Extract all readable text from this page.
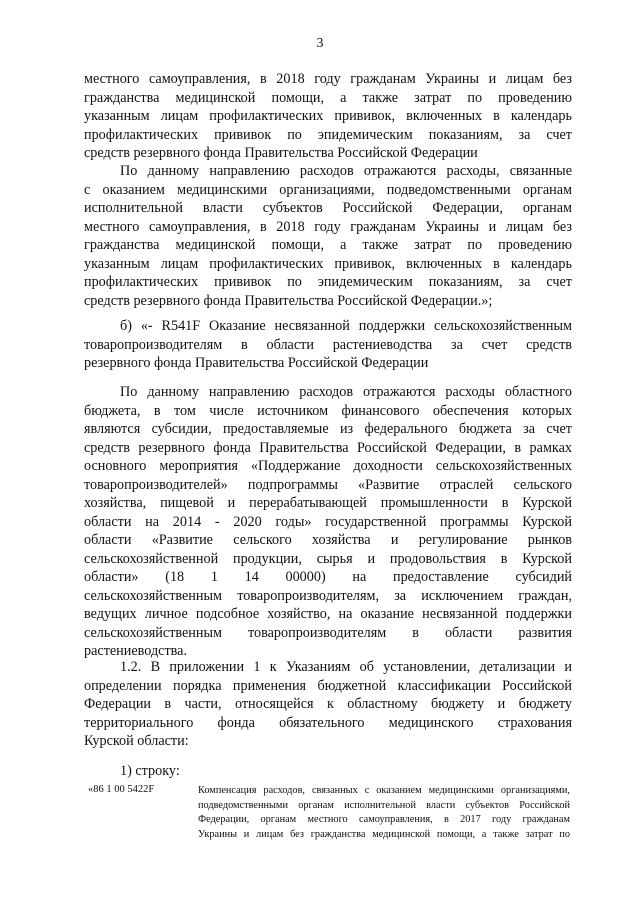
3
местного самоуправления, в 2018 году гражданам Украины и лицам без
гражданства медицинской помощи, а также затрат по проведению
указанным лицам профилактических прививок, включенных в календарь
профилактических прививок по эпидемическим показаниям, за счет
средств резервного фонда Правительства Российской Федерации
По данному направлению расходов отражаются расходы, связанные
с оказанием медицинскими организациями, подведомственными органам
исполнительной власти субъектов Российской Федерации, органам
местного самоуправления, в 2018 году гражданам Украины и лицам без
гражданства медицинской помощи, а также затрат по проведению
указанным лицам профилактических прививок, включенных в календарь
профилактических прививок по эпидемическим показаниям, за счет
средств резервного фонда Правительства Российской Федерации.»;
б) «- R541F Оказание несвязанной поддержки сельскохозяйственным
товаропроизводителям в области растениеводства за счет средств
резервного фонда Правительства Российской Федерации
По данному направлению расходов отражаются расходы областного
бюджета, в том числе источником финансового обеспечения которых
являются субсидии, предоставляемые из федерального бюджета за счет
средств резервного фонда Правительства Российской Федерации, в рамках
основного мероприятия «Поддержание доходности сельскохозяйственных
товаропроизводителей» подпрограммы «Развитие отраслей сельского
хозяйства, пищевой и перерабатывающей промышленности в Курской
области на 2014 - 2020 годы» государственной программы Курской
области «Развитие сельского хозяйства и регулирование рынков
сельскохозяйственной продукции, сырья и продовольствия в Курской
области» (18 1 14 00000) на предоставление субсидий
сельскохозяйственным товаропроизводителям, за исключением граждан,
ведущих личное подсобное хозяйство, на оказание несвязанной поддержки
сельскохозяйственным товаропроизводителям в области развития
растениеводства.
1.2. В приложении 1 к Указаниям об установлении, детализации и
определении порядка применения бюджетной классификации Российской
Федерации в части, относящейся к областному бюджету и бюджету
территориального фонда обязательного медицинского страхования
Курской области:
1) строку:
«86 1 00 5422F	Компенсация расходов, связанных с оказанием медицинскими организациями,
подведомственными органам исполнительной власти субъектов Российской
Федерации, органам местного самоуправления, в 2017 году гражданам
Украины и лицам без гражданства медицинской помощи, а также затрат по
